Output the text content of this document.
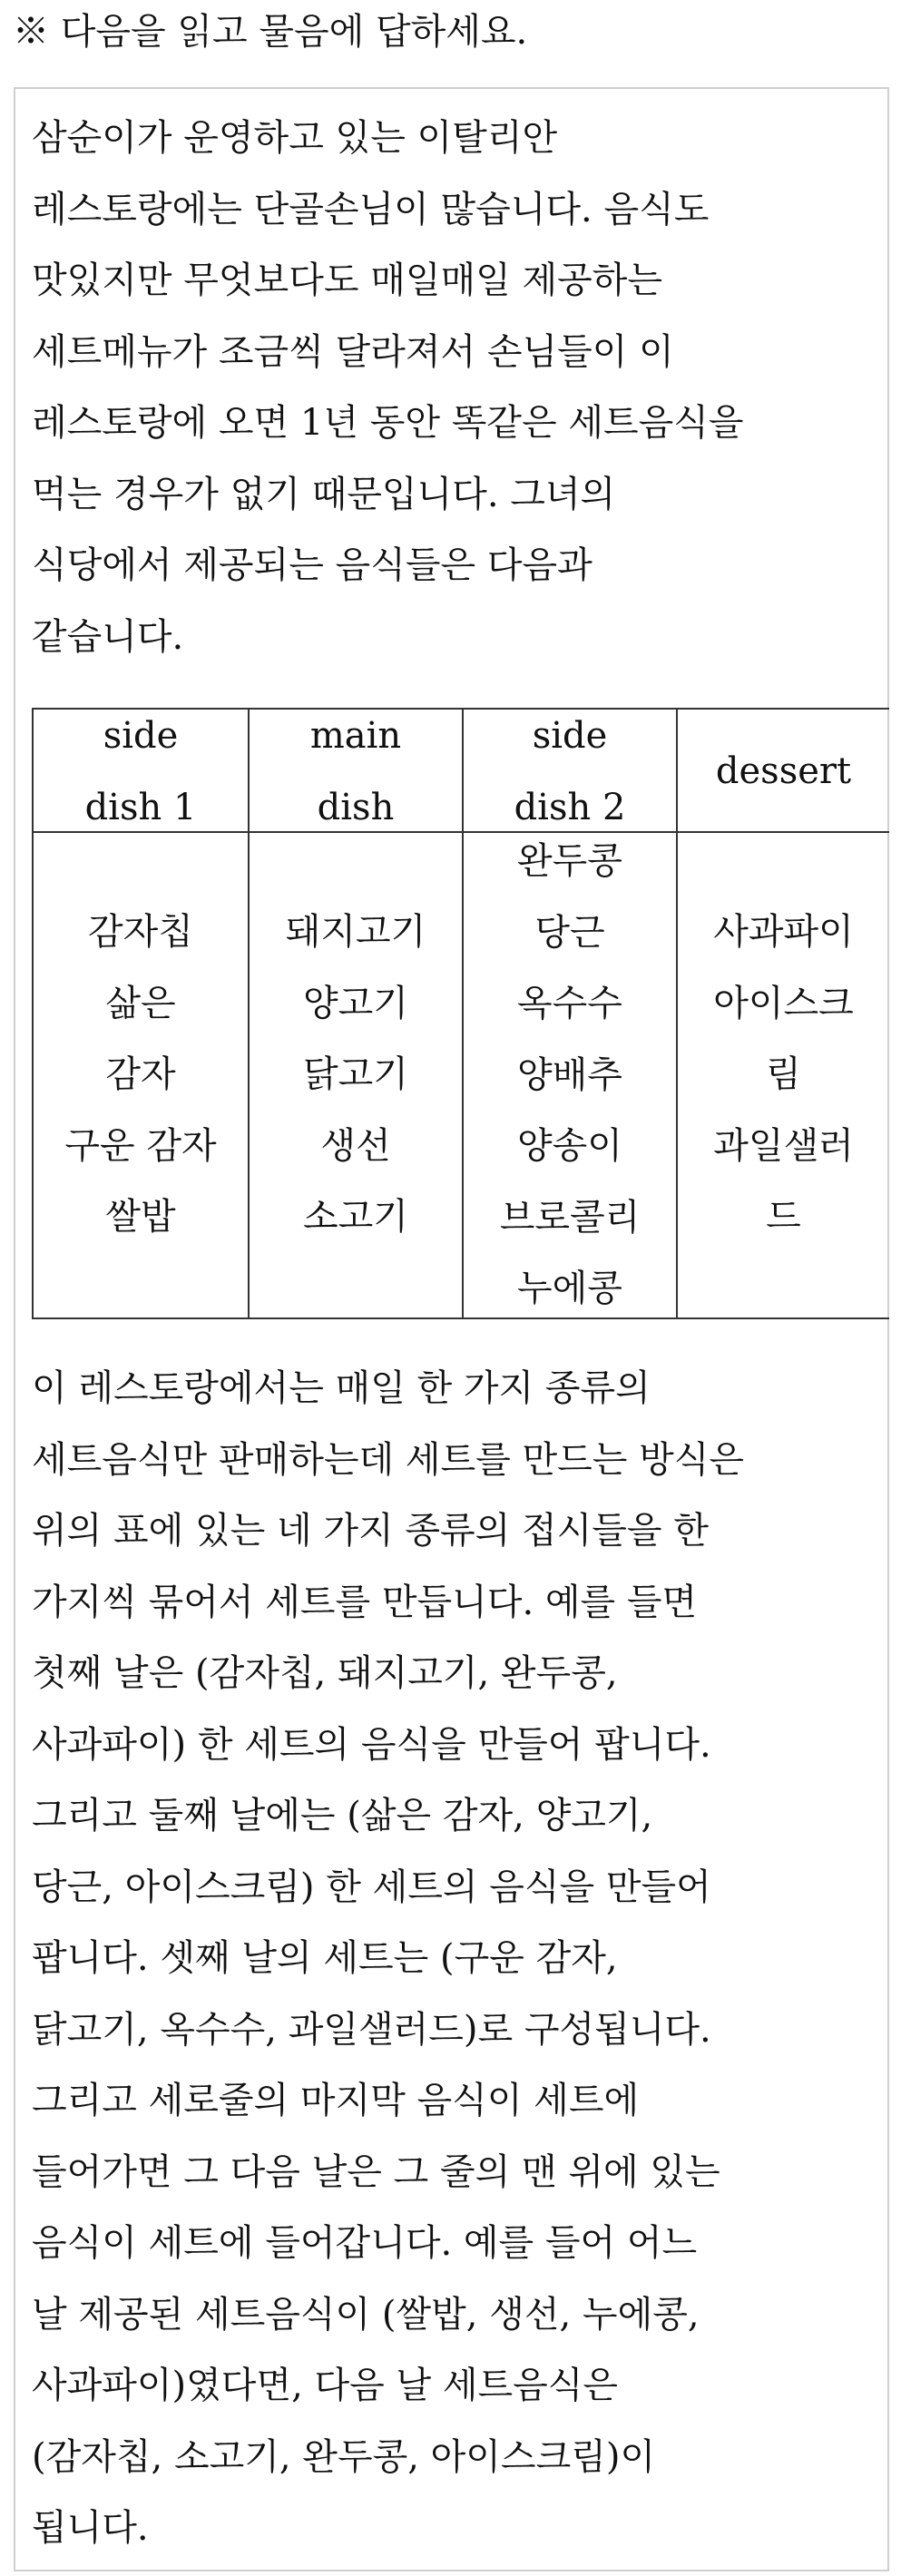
※ 다음을 읽고 물음에 답하세요.
삼순이가 운영하고 있는 이탈리안
레스토랑에는 단골손님이 많습니다. 음식도
맛있지만 무엇보다도 매일매일 제공하는
세트메뉴가 조금씩 달라져서 손님들이 이
레스토랑에 오면 1년 동안 똑같은 세트음식을
먹는 경우가 없기 때문입니다. 그녀의
식당에서 제공되는 음식들은 다음과
같습니다.
side
dish 1
main
dish
side
dish 2
dessert
감자칩
삶은
감자
구운 감자
쌀밥
돼지고기
양고기
닭고기
생선
소고기
완두콩
당근
옥수수
양배추
양송이
브로콜리
누에콩
사과파이
아이스크
림
과일샐러
드
이 레스토랑에서는 매일 한 가지 종류의
세트음식만 판매하는데 세트를 만드는 방식은
위의 표에 있는 네 가지 종류의 접시들을 한
가지씩 묶어서 세트를 만듭니다. 예를 들면
첫째 날은 (감자칩, 돼지고기, 완두콩,
사과파이) 한 세트의 음식을 만들어 팝니다.
그리고 둘째 날에는 (삶은 감자, 양고기,
당근, 아이스크림) 한 세트의 음식을 만들어
팝니다. 셋째 날의 세트는 (구운 감자,
닭고기, 옥수수, 과일샐러드)로 구성됩니다.
그리고 세로줄의 마지막 음식이 세트에
들어가면 그 다음 날은 그 줄의 맨 위에 있는
음식이 세트에 들어갑니다. 예를 들어 어느
날 제공된 세트음식이 (쌀밥, 생선, 누에콩,
사과파이)였다면, 다음 날 세트음식은
(감자칩, 소고기, 완두콩, 아이스크림)이
됩니다.
